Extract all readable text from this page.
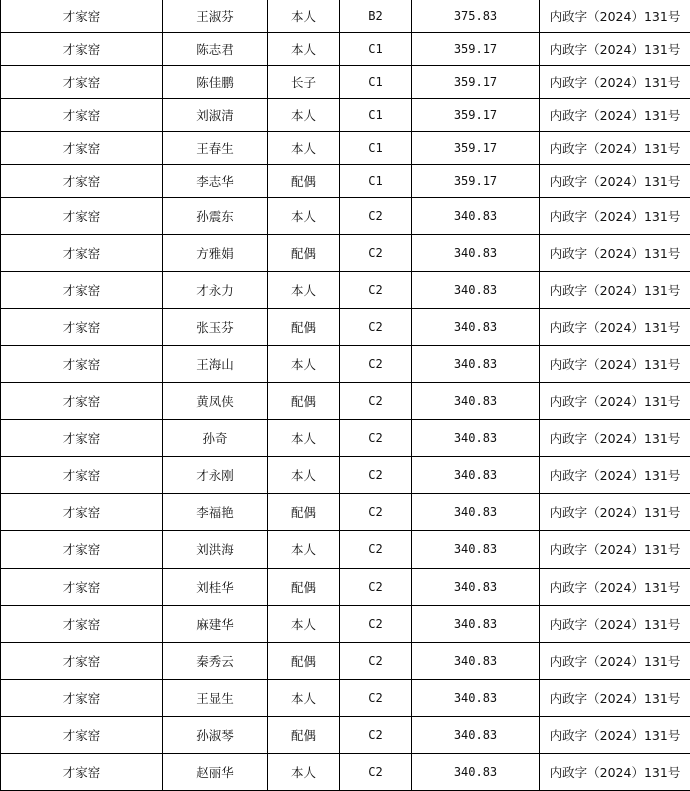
才家窑	王淑芬	本人	B2	375.83	内政字（2024）131号
才家窑	陈志君	本人	C1	359.17	内政字（2024）131号
才家窑	陈佳鹏	长子	C1	359.17	内政字（2024）131号
才家窑	刘淑清	本人	C1	359.17	内政字（2024）131号
才家窑	王春生	本人	C1	359.17	内政字（2024）131号
才家窑	李志华	配偶	C1	359.17	内政字（2024）131号
才家窑	孙震东	本人	C2	340.83	内政字（2024）131号
才家窑	方雅娟	配偶	C2	340.83	内政字（2024）131号
才家窑	才永力	本人	C2	340.83	内政字（2024）131号
才家窑	张玉芬	配偶	C2	340.83	内政字（2024）131号
才家窑	王海山	本人	C2	340.83	内政字（2024）131号
才家窑	黄凤侠	配偶	C2	340.83	内政字（2024）131号
才家窑	孙奇	本人	C2	340.83	内政字（2024）131号
才家窑	才永刚	本人	C2	340.83	内政字（2024）131号
才家窑	李福艳	配偶	C2	340.83	内政字（2024）131号
才家窑	刘洪海	本人	C2	340.83	内政字（2024）131号
才家窑	刘桂华	配偶	C2	340.83	内政字（2024）131号
才家窑	麻建华	本人	C2	340.83	内政字（2024）131号
才家窑	秦秀云	配偶	C2	340.83	内政字（2024）131号
才家窑	王显生	本人	C2	340.83	内政字（2024）131号
才家窑	孙淑琴	配偶	C2	340.83	内政字（2024）131号
才家窑	赵丽华	本人	C2	340.83	内政字（2024）131号
